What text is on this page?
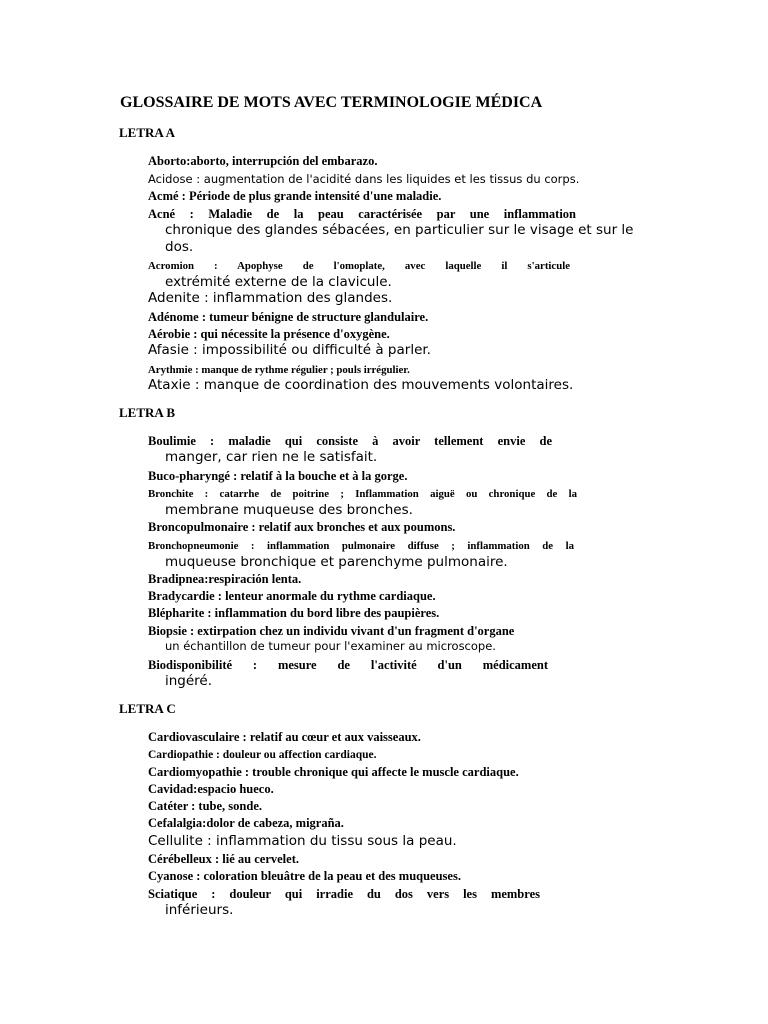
GLOSSAIRE DE MOTS AVEC TERMINOLOGIE MÉDICA
LETRA A
Aborto:aborto, interrupción del embarazo.
Acidose : augmentation de l'acidité dans les liquides et les tissus du corps.
Acmé : Période de plus grande intensité d'une maladie.
Acné : Maladie de la peau caractérisée par une inflammation
chronique des glandes sébacées, en particulier sur le visage et sur le
dos.
Acromion : Apophyse de l'omoplate, avec laquelle il s'articule
extrémité externe de la clavicule.
Adenite : inflammation des glandes.
Adénome : tumeur bénigne de structure glandulaire.
Aérobie : qui nécessite la présence d'oxygène.
Afasie : impossibilité ou difficulté à parler.
Arythmie : manque de rythme régulier ; pouls irrégulier.
Ataxie : manque de coordination des mouvements volontaires.
LETRA B
Boulimie : maladie qui consiste à avoir tellement envie de
manger, car rien ne le satisfait.
Buco-pharyngé : relatif à la bouche et à la gorge.
Bronchite : catarrhe de poitrine ; Inflammation aiguë ou chronique de la
membrane muqueuse des bronches.
Broncopulmonaire : relatif aux bronches et aux poumons.
Bronchopneumonie : inflammation pulmonaire diffuse ; inflammation de la
muqueuse bronchique et parenchyme pulmonaire.
Bradipnea:respiración lenta.
Bradycardie : lenteur anormale du rythme cardiaque.
Blépharite : inflammation du bord libre des paupières.
Biopsie : extirpation chez un individu vivant d'un fragment d'organe
un échantillon de tumeur pour l'examiner au microscope.
Biodisponibilité : mesure de l'activité d'un médicament
ingéré.
LETRA C
Cardiovasculaire : relatif au cœur et aux vaisseaux.
Cardiopathie : douleur ou affection cardiaque.
Cardiomyopathie : trouble chronique qui affecte le muscle cardiaque.
Cavidad:espacio hueco.
Catéter : tube, sonde.
Cefalalgia:dolor de cabeza, migraña.
Cellulite : inflammation du tissu sous la peau.
Cérébelleux : lié au cervelet.
Cyanose : coloration bleuâtre de la peau et des muqueuses.
Sciatique : douleur qui irradie du dos vers les membres
inférieurs.
